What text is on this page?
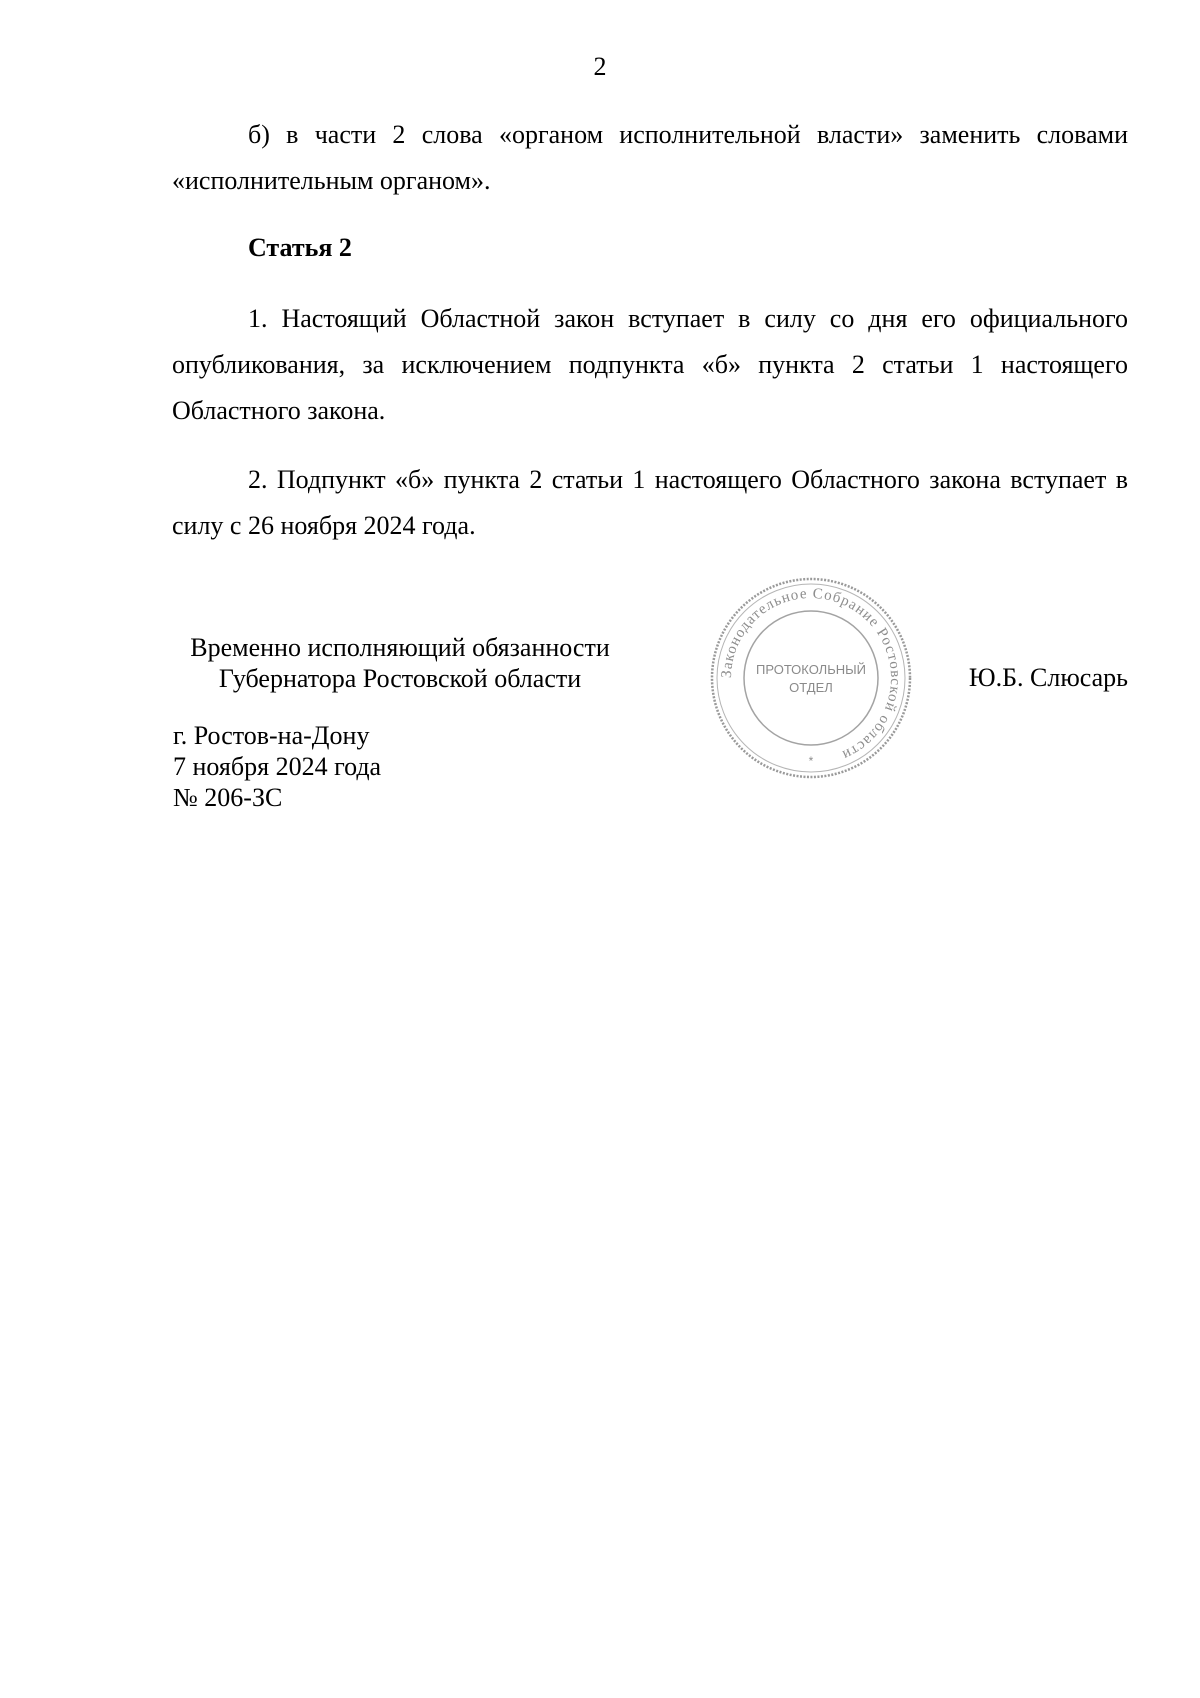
2

б) в части 2 слова «органом исполнительной власти» заменить словами «исполнительным органом».

Статья 2

1. Настоящий Областной закон вступает в силу со дня его официального опубликования, за исключением подпункта «б» пункта 2 статьи 1 настоящего Областного закона.

2. Подпункт «б» пункта 2 статьи 1 настоящего Областного закона вступает в силу с 26 ноября 2024 года.

Временно исполняющий обязанности
Губернатора Ростовской области	Законодательное Собрание Ростовской области
*
ПРОТОКОЛЬНЫЙ
ОТДЕЛ	Ю.Б. Слюсарь
г. Ростов-на-Дону
7 ноября 2024 года
№ 206-ЗС
